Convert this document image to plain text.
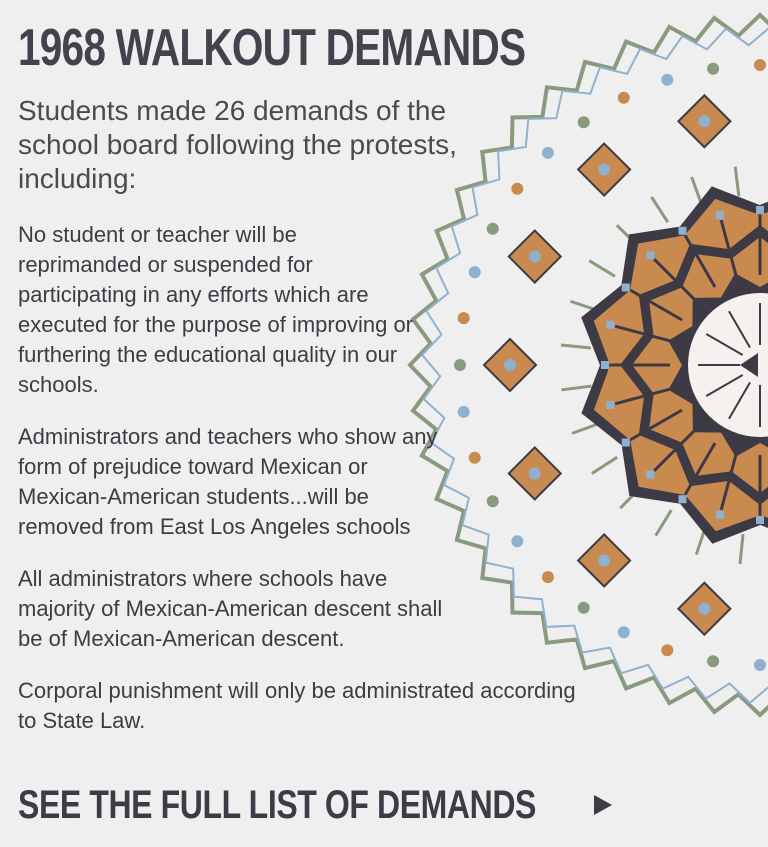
1968 WALKOUT DEMANDS
Students made 26 demands of the school board following the protests, including:

No student or teacher will be reprimanded or suspended for participating in any efforts which are executed for the purpose of improving or furthering the educational quality in our schools.

Administrators and teachers who show any form of prejudice toward Mexican or Mexican-American students...will be removed from East Los Angeles schools

All administrators where schools have majority of Mexican-American descent shall be of Mexican-American descent.

Corporal punishment will only be administrated according to State Law.

SEE THE FULL LIST OF DEMANDS
